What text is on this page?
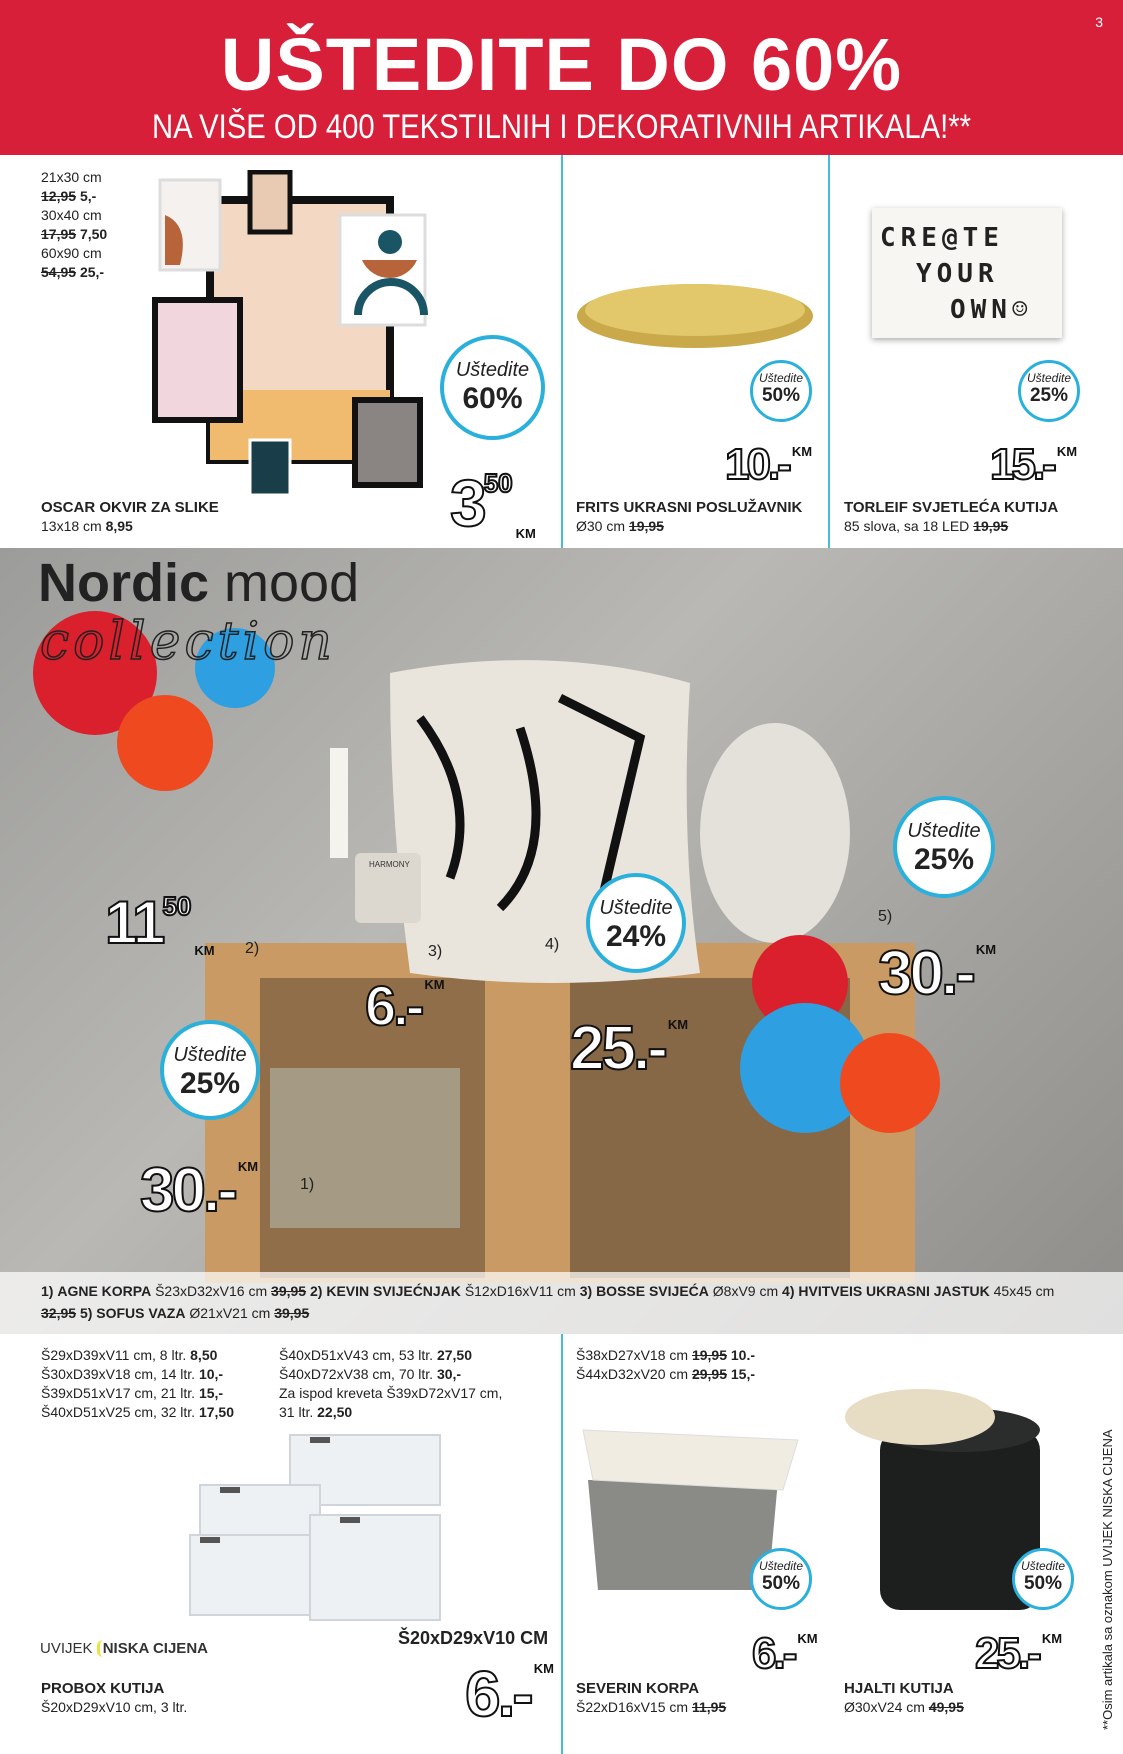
UŠTEDITE DO 60%
NA VIŠE OD 400 TEKSTILNIH I DEKORATIVNIH ARTIKALA!**
3
21x30 cm
12,95 5,-
30x40 cm
17,95 7,50
60x90 cm
54,95 25,-
Uštedite
60%
$3^{50}$
KM
OSCAR OKVIR ZA SLIKE
13x18 cm 8,95
Uštedite
50%
10.- KM
FRITS UKRASNI POSLUŽAVNIK
Ø30 cm 19,95
CRE@TE
YOUR
OWN☺
Uštedite
25%
15.- KM
TORLEIF SVJETLEĆA KUTIJA
85 slova, sa 18 LED 19,95
Nordic mood
collection
HARMONY
$11^{50}$
KM 2)	3)	4)
5)
1)
6.- KM
Uštedite
24%
25.- KM
Uštedite
25%
30.- KM
Uštedite
25%
30.- KM
1) AGNE KORPA Š23xD32xV16 cm 39,95 2) KEVIN SVIJEĆNJAK Š12xD16xV11 cm 3) BOSSE SVIJEĆA Ø8xV9 cm 4) HVITVEIS UKRASNI JASTUK 45x45 cm 32,95 5) SOFUS VAZA Ø21xV21 cm 39,95
Š29xD39xV11 cm, 8 ltr. 8,50
Š30xD39xV18 cm, 14 ltr. 10,-
Š39xD51xV17 cm, 21 ltr. 15,-
Š40xD51xV25 cm, 32 ltr. 17,50
Š40xD51xV43 cm, 53 ltr. 27,50
Š40xD72xV38 cm, 70 ltr. 30,-
Za ispod kreveta Š39xD72xV17 cm,
31 ltr. 22,50
UVIJEK NISKA CIJENA
Š20xD29xV10 CM
6.- KM
PROBOX KUTIJA
Š20xD29xV10 cm, 3 ltr.
Š38xD27xV18 cm 19,95 10.-
Š44xD32xV20 cm 29,95 15,-
Uštedite
50%
6.- KM
SEVERIN KORPA
Š22xD16xV15 cm 11,95
Uštedite
50%
25.- KM
HJALTI KUTIJA
Ø30xV24 cm 49,95	**Osim artikala sa oznakom UVIJEK NISKA CIJENA
